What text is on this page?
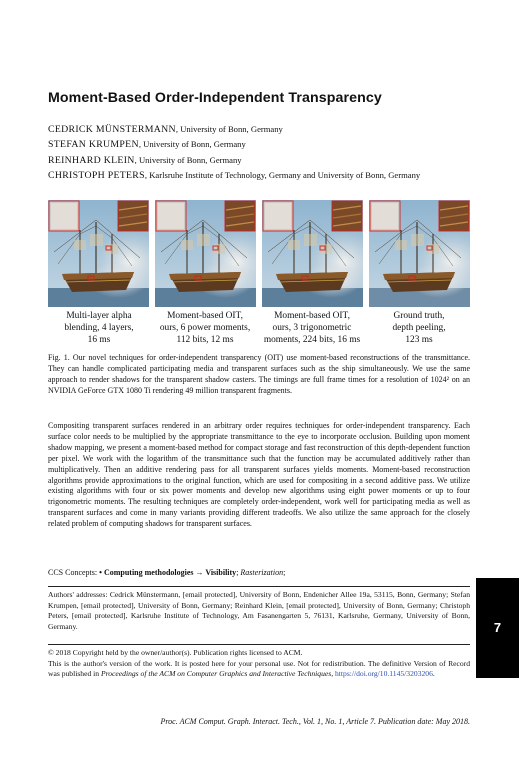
Moment-Based Order-Independent Transparency
CEDRICK MÜNSTERMANN, University of Bonn, Germany
STEFAN KRUMPEN, University of Bonn, Germany
REINHARD KLEIN, University of Bonn, Germany
CHRISTOPH PETERS, Karlsruhe Institute of Technology, Germany and University of Bonn, Germany
Multi-layer alpha
blending, 4 layers,
16 ms
Moment-based OIT,
ours, 6 power moments,
112 bits, 12 ms
Moment-based OIT,
ours, 3 trigonometric
moments, 224 bits, 16 ms
Ground truth,
depth peeling,
123 ms
Fig. 1. Our novel techniques for order-independent transparency (OIT) use moment-based reconstructions of the transmittance. They can handle complicated participating media and transparent surfaces such as the ship simultaneously. We use the same approach to render shadows for the transparent shadow casters. The timings are full frame times for a resolution of 1024² on an NVIDIA GeForce GTX 1080 Ti rendering 49 million transparent fragments.
Compositing transparent surfaces rendered in an arbitrary order requires techniques for order-independent transparency. Each surface color needs to be multiplied by the appropriate transmittance to the eye to incorporate occlusion. Building upon moment shadow mapping, we present a moment-based method for compact storage and fast reconstruction of this depth-dependent function per pixel. We work with the logarithm of the transmittance such that the function may be accumulated additively rather than multiplicatively. Then an additive rendering pass for all transparent surfaces yields moments. Moment-based reconstruction algorithms provide approximations to the original function, which are used for compositing in a second additive pass. We utilize existing algorithms with four or six power moments and develop new algorithms using eight power moments or up to four trigonometric moments. The resulting techniques are completely order-independent, work well for participating media as well as transparent surfaces and come in many variants providing different tradeoffs. We also utilize the same approach for the closely related problem of computing shadows for transparent surfaces.
CCS Concepts: • Computing methodologies → Visibility; Rasterization;
Authors' addresses: Cedrick Münstermann, [email protected], University of Bonn, Endenicher Allee 19a, 53115, Bonn, Germany; Stefan Krumpen, [email protected], University of Bonn, Germany; Reinhard Klein, [email protected], University of Bonn, Germany; Christoph Peters, [email protected], Karlsruhe Institute of Technology, Am Fasanengarten 5, 76131, Karlsruhe, Germany, University of Bonn, Germany.
© 2018 Copyright held by the owner/author(s). Publication rights licensed to ACM.
This is the author's version of the work. It is posted here for your personal use. Not for redistribution. The definitive Version of Record was published in Proceedings of the ACM on Computer Graphics and Interactive Techniques, https://doi.org/10.1145/3203206.
Proc. ACM Comput. Graph. Interact. Tech., Vol. 1, No. 1, Article 7. Publication date: May 2018.
7
